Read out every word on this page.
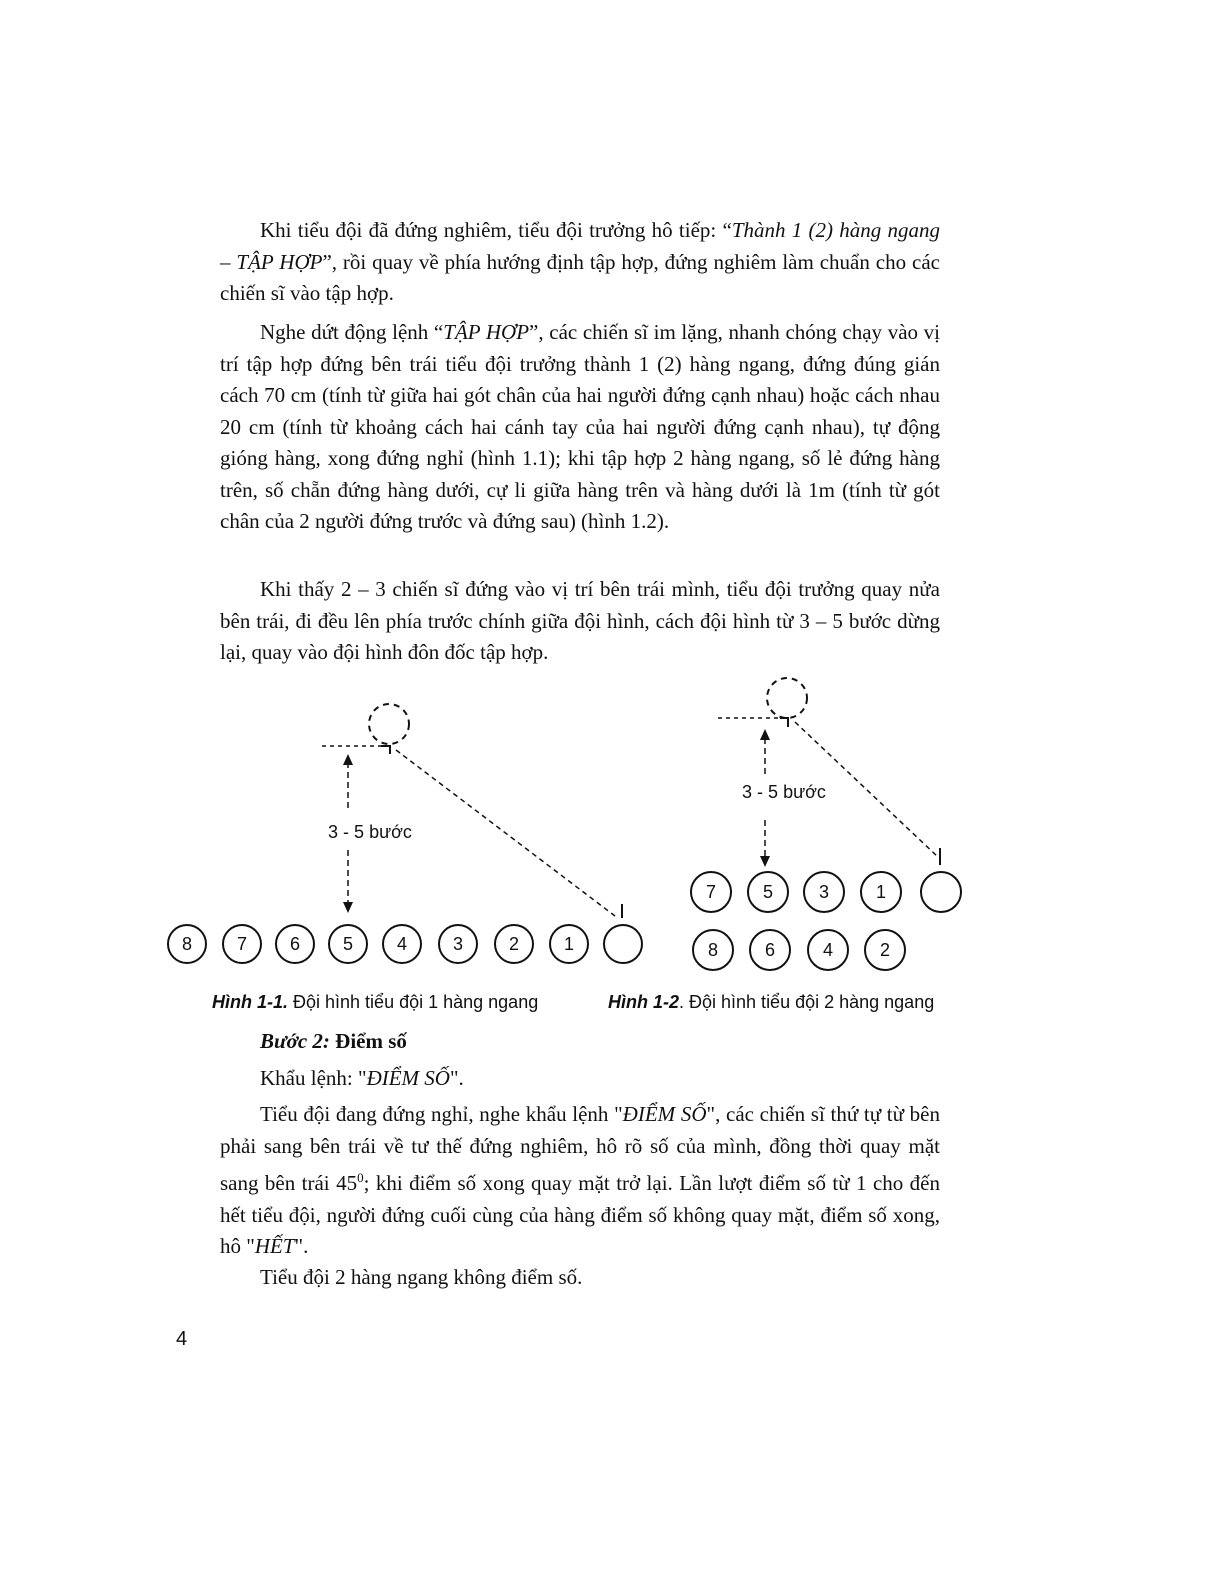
Khi tiểu đội đã đứng nghiêm, tiểu đội trưởng hô tiếp: “Thành 1 (2) hàng ngang – TẬP HỢP”, rồi quay về phía hướng định tập hợp, đứng nghiêm làm chuẩn cho các chiến sĩ vào tập hợp.

Nghe dứt động lệnh “TẬP HỢP”, các chiến sĩ im lặng, nhanh chóng chạy vào vị trí tập hợp đứng bên trái tiểu đội trưởng thành 1 (2) hàng ngang, đứng đúng gián cách 70 cm (tính từ giữa hai gót chân của hai người đứng cạnh nhau) hoặc cách nhau 20 cm (tính từ khoảng cách hai cánh tay của hai người đứng cạnh nhau), tự động gióng hàng, xong đứng nghỉ (hình 1.1); khi tập hợp 2 hàng ngang, số lẻ đứng hàng trên, số chẵn đứng hàng dưới, cự li giữa hàng trên và hàng dưới là 1m (tính từ gót chân của 2 người đứng trước và đứng sau) (hình 1.2).

Khi thấy 2 – 3 chiến sĩ đứng vào vị trí bên trái mình, tiểu đội trưởng quay nửa bên trái, đi đều lên phía trước chính giữa đội hình, cách đội hình từ 3 – 5 bước dừng lại, quay vào đội hình đôn đốc tập hợp.

3 - 5 bước
8 7 6 5 4	3	2 1
Hình 1-1. Đội hình tiểu đội 1 hàng ngang
3 - 5 bước
7	5	3	1
8	6	4	2
Hình 1-2. Đội hình tiểu đội 2 hàng ngang

Bước 2: Điểm số

Khẩu lệnh: "ĐIỂM SỐ".

Tiểu đội đang đứng nghỉ, nghe khẩu lệnh "ĐIỂM SỐ", các chiến sĩ thứ tự từ bên phải sang bên trái về tư thế đứng nghiêm, hô rõ số của mình, đồng thời quay mặt sang bên trái $45^0$; khi điểm số xong quay mặt trở lại. Lần lượt điểm số từ 1 cho đến hết tiểu đội, người đứng cuối cùng của hàng điểm số không quay mặt, điểm số xong, hô "HẾT".

Tiểu đội 2 hàng ngang không điểm số.

4
